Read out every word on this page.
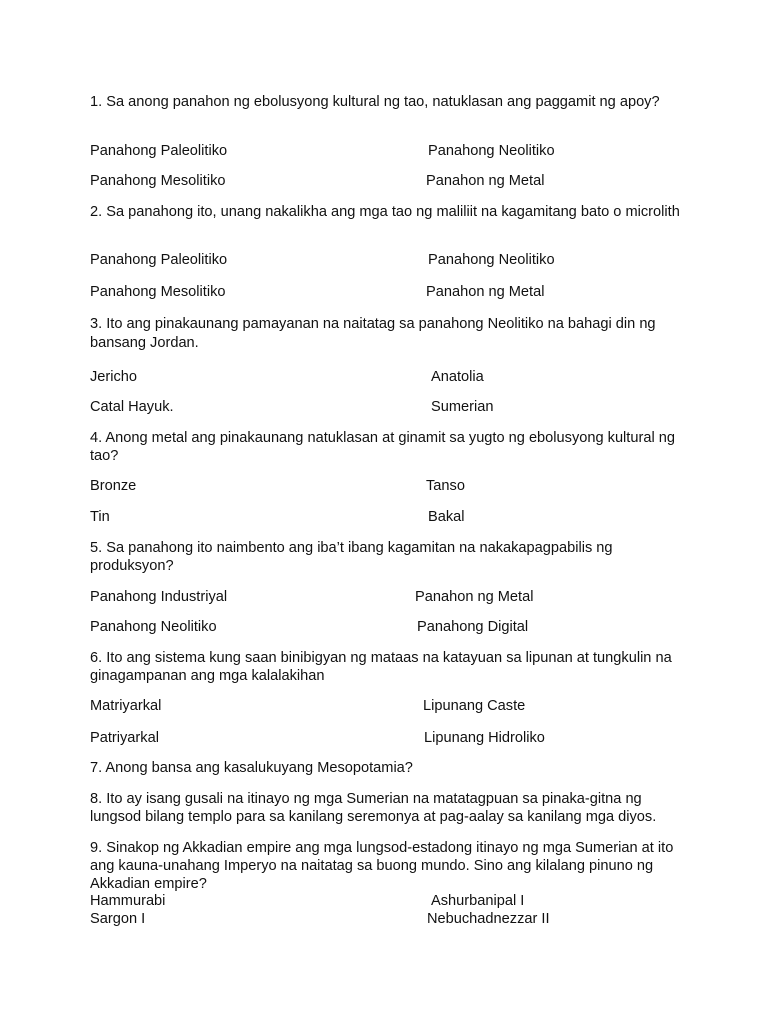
1. Sa anong panahon ng ebolusyong kultural ng tao, natuklasan ang paggamit ng apoy?
Panahong Paleolitiko	Panahong Neolitiko
Panahong Mesolitiko	Panahon ng Metal
2. Sa panahong ito, unang nakalikha ang mga tao ng maliliit na kagamitang bato o microlith
Panahong Paleolitiko	Panahong Neolitiko
Panahong Mesolitiko	Panahon ng Metal
3. Ito ang pinakaunang pamayanan na naitatag sa panahong Neolitiko na bahagi din ng bansang Jordan.
Jericho	Anatolia
Catal Hayuk.	Sumerian
4. Anong metal ang pinakaunang natuklasan at ginamit sa yugto ng ebolusyong kultural ng tao?
Bronze	Tanso
Tin	Bakal
5. Sa panahong ito naimbento ang iba’t ibang kagamitan na nakakapagpabilis ng produksyon?
Panahong Industriyal	Panahon ng Metal
Panahong Neolitiko	Panahong Digital
6. Ito ang sistema kung saan binibigyan ng mataas na katayuan sa lipunan at tungkulin na ginagampanan ang mga kalalakihan
Matriyarkal	Lipunang Caste
Patriyarkal	Lipunang Hidroliko
7. Anong bansa ang kasalukuyang Mesopotamia?
8. Ito ay isang gusali na itinayo ng mga Sumerian na matatagpuan sa pinaka-gitna ng lungsod bilang templo para sa kanilang seremonya at pag-aalay sa kanilang mga diyos.
9. Sinakop ng Akkadian empire ang mga lungsod-estadong itinayo ng mga Sumerian at ito ang kauna-unahang Imperyo na naitatag sa buong mundo. Sino ang kilalang pinuno ng Akkadian empire?
Hammurabi	Ashurbanipal I
Sargon I	Nebuchadnezzar II
